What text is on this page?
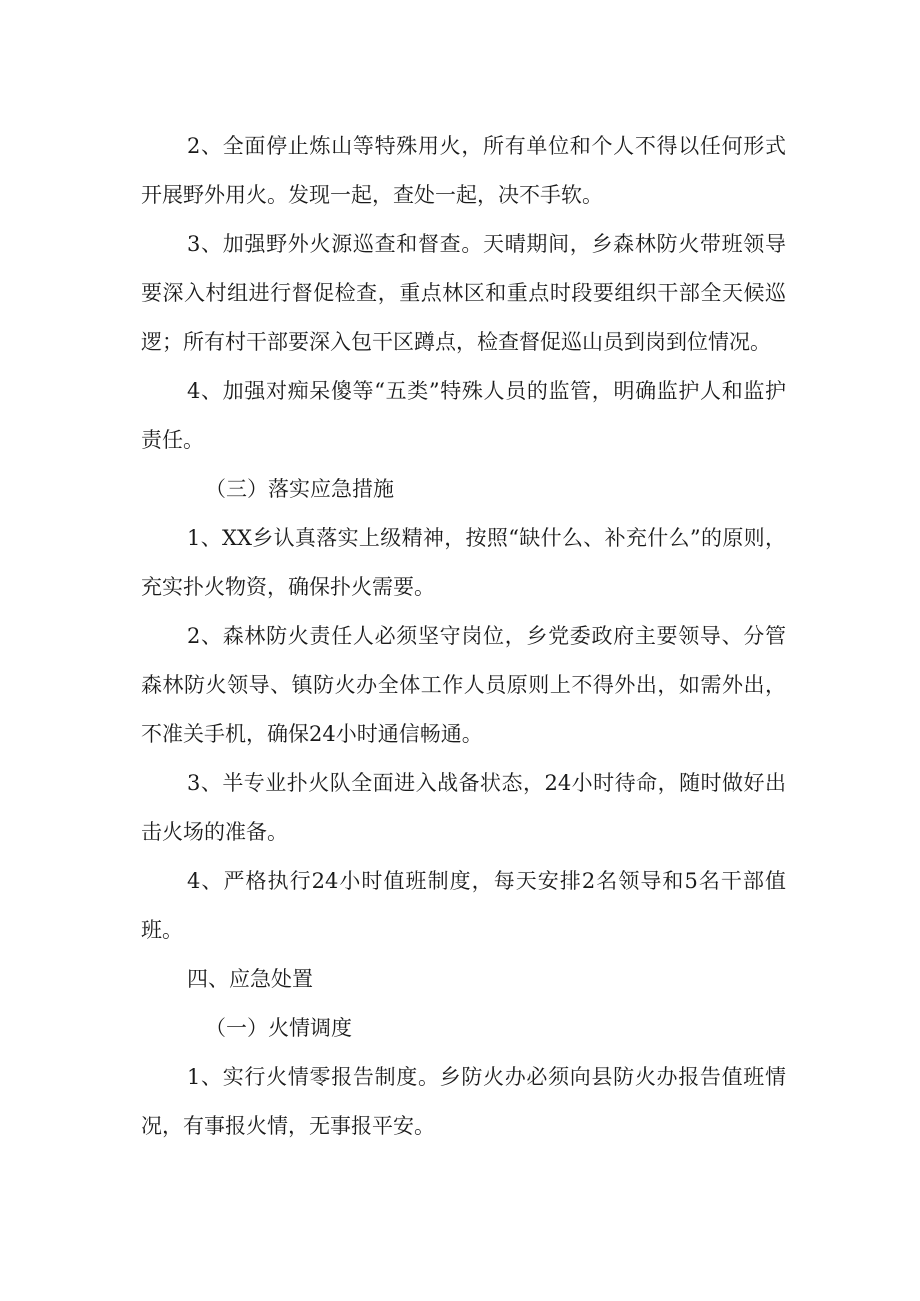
2、全面停止炼山等特殊用火，所有单位和个人不得以任何形式开展野外用火。发现一起，查处一起，决不手软。

3、加强野外火源巡查和督查。天晴期间，乡森林防火带班领导要深入村组进行督促检查，重点林区和重点时段要组织干部全天候巡逻；所有村干部要深入包干区蹲点，检查督促巡山员到岗到位情况。

4、加强对痴呆傻等“五类”特殊人员的监管，明确监护人和监护责任。

（三）落实应急措施

1、XX乡认真落实上级精神，按照“缺什么、补充什么”的原则，充实扑火物资，确保扑火需要。

2、森林防火责任人必须坚守岗位，乡党委政府主要领导、分管森林防火领导、镇防火办全体工作人员原则上不得外出，如需外出，不准关手机，确保24小时通信畅通。

3、半专业扑火队全面进入战备状态，24小时待命，随时做好出击火场的准备。

4、严格执行24小时值班制度，每天安排2名领导和5名干部值班。

四、应急处置

（一）火情调度

1、实行火情零报告制度。乡防火办必须向县防火办报告值班情况，有事报火情，无事报平安。
